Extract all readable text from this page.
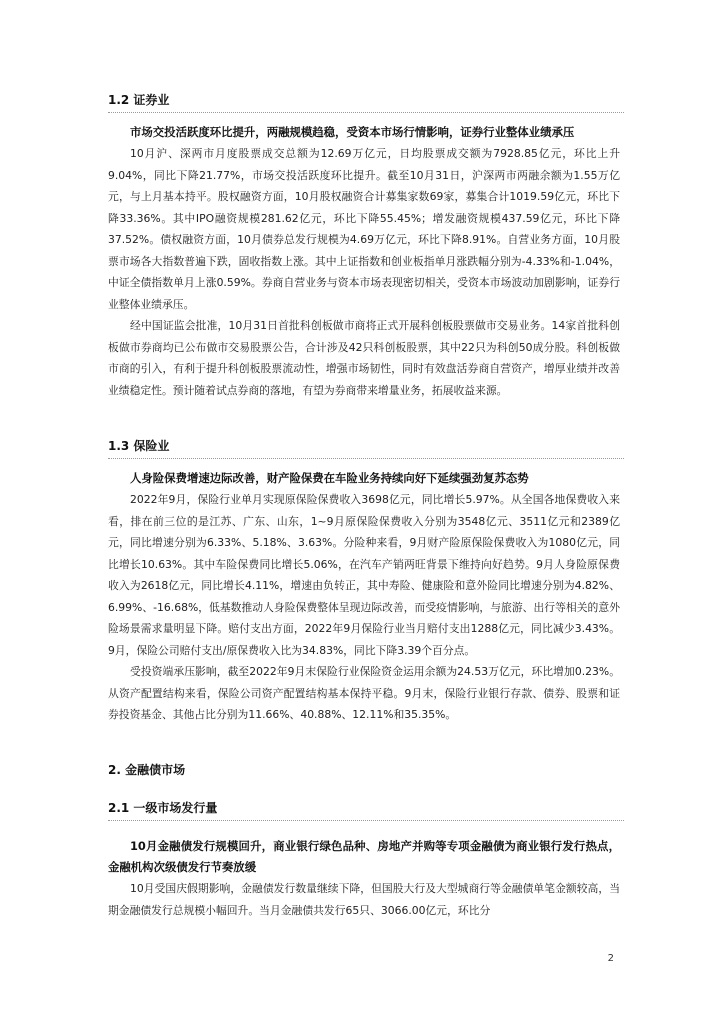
1.2 证券业
市场交投活跃度环比提升，两融规模趋稳，受资本市场行情影响，证券行业整体业绩承压
10月沪、深两市月度股票成交总额为12.69万亿元，日均股票成交额为7928.85亿元，环比上升9.04%，同比下降21.77%，市场交投活跃度环比提升。截至10月31日，沪深两市两融余额为1.55万亿元，与上月基本持平。股权融资方面，10月股权融资合计募集家数69家，募集合计1019.59亿元，环比下降33.36%。其中IPO融资规模281.62亿元，环比下降55.45%；增发融资规模437.59亿元，环比下降37.52%。债权融资方面，10月债券总发行规模为4.69万亿元，环比下降8.91%。自营业务方面，10月股票市场各大指数普遍下跌，固收指数上涨。其中上证指数和创业板指单月涨跌幅分别为-4.33%和-1.04%，中证全债指数单月上涨0.59%。券商自营业务与资本市场表现密切相关，受资本市场波动加剧影响，证券行业整体业绩承压。
经中国证监会批准，10月31日首批科创板做市商将正式开展科创板股票做市交易业务。14家首批科创板做市券商均已公布做市交易股票公告，合计涉及42只科创板股票，其中22只为科创50成分股。科创板做市商的引入，有利于提升科创板股票流动性，增强市场韧性，同时有效盘活券商自营资产，增厚业绩并改善业绩稳定性。预计随着试点券商的落地，有望为券商带来增量业务，拓展收益来源。
1.3 保险业
人身险保费增速边际改善，财产险保费在车险业务持续向好下延续强劲复苏态势
2022年9月，保险行业单月实现原保险保费收入3698亿元，同比增长5.97%。从全国各地保费收入来看，排在前三位的是江苏、广东、山东，1~9月原保险保费收入分别为3548亿元、3511亿元和2389亿元，同比增速分别为6.33%、5.18%、3.63%。分险种来看，9月财产险原保险保费收入为1080亿元，同比增长10.63%。其中车险保费同比增长5.06%，在汽车产销两旺背景下维持向好趋势。9月人身险原保费收入为2618亿元，同比增长4.11%，增速由负转正，其中寿险、健康险和意外险同比增速分别为4.82%、6.99%、-16.68%，低基数推动人身险保费整体呈现边际改善，而受疫情影响，与旅游、出行等相关的意外险场景需求量明显下降。赔付支出方面，2022年9月保险行业当月赔付支出1288亿元，同比减少3.43%。9月，保险公司赔付支出/原保费收入比为34.83%，同比下降3.39个百分点。
受投资端承压影响，截至2022年9月末保险行业保险资金运用余额为24.53万亿元，环比增加0.23%。从资产配置结构来看，保险公司资产配置结构基本保持平稳。9月末，保险行业银行存款、债券、股票和证券投资基金、其他占比分别为11.66%、40.88%、12.11%和35.35%。
2. 金融债市场
2.1 一级市场发行量
10月金融债发行规模回升，商业银行绿色品种、房地产并购等专项金融债为商业银行发行热点，金融机构次级债发行节奏放缓
10月受国庆假期影响，金融债发行数量继续下降，但国股大行及大型城商行等金融债单笔金额较高，当期金融债发行总规模小幅回升。当月金融债共发行65只、3066.00亿元，环比分
2
